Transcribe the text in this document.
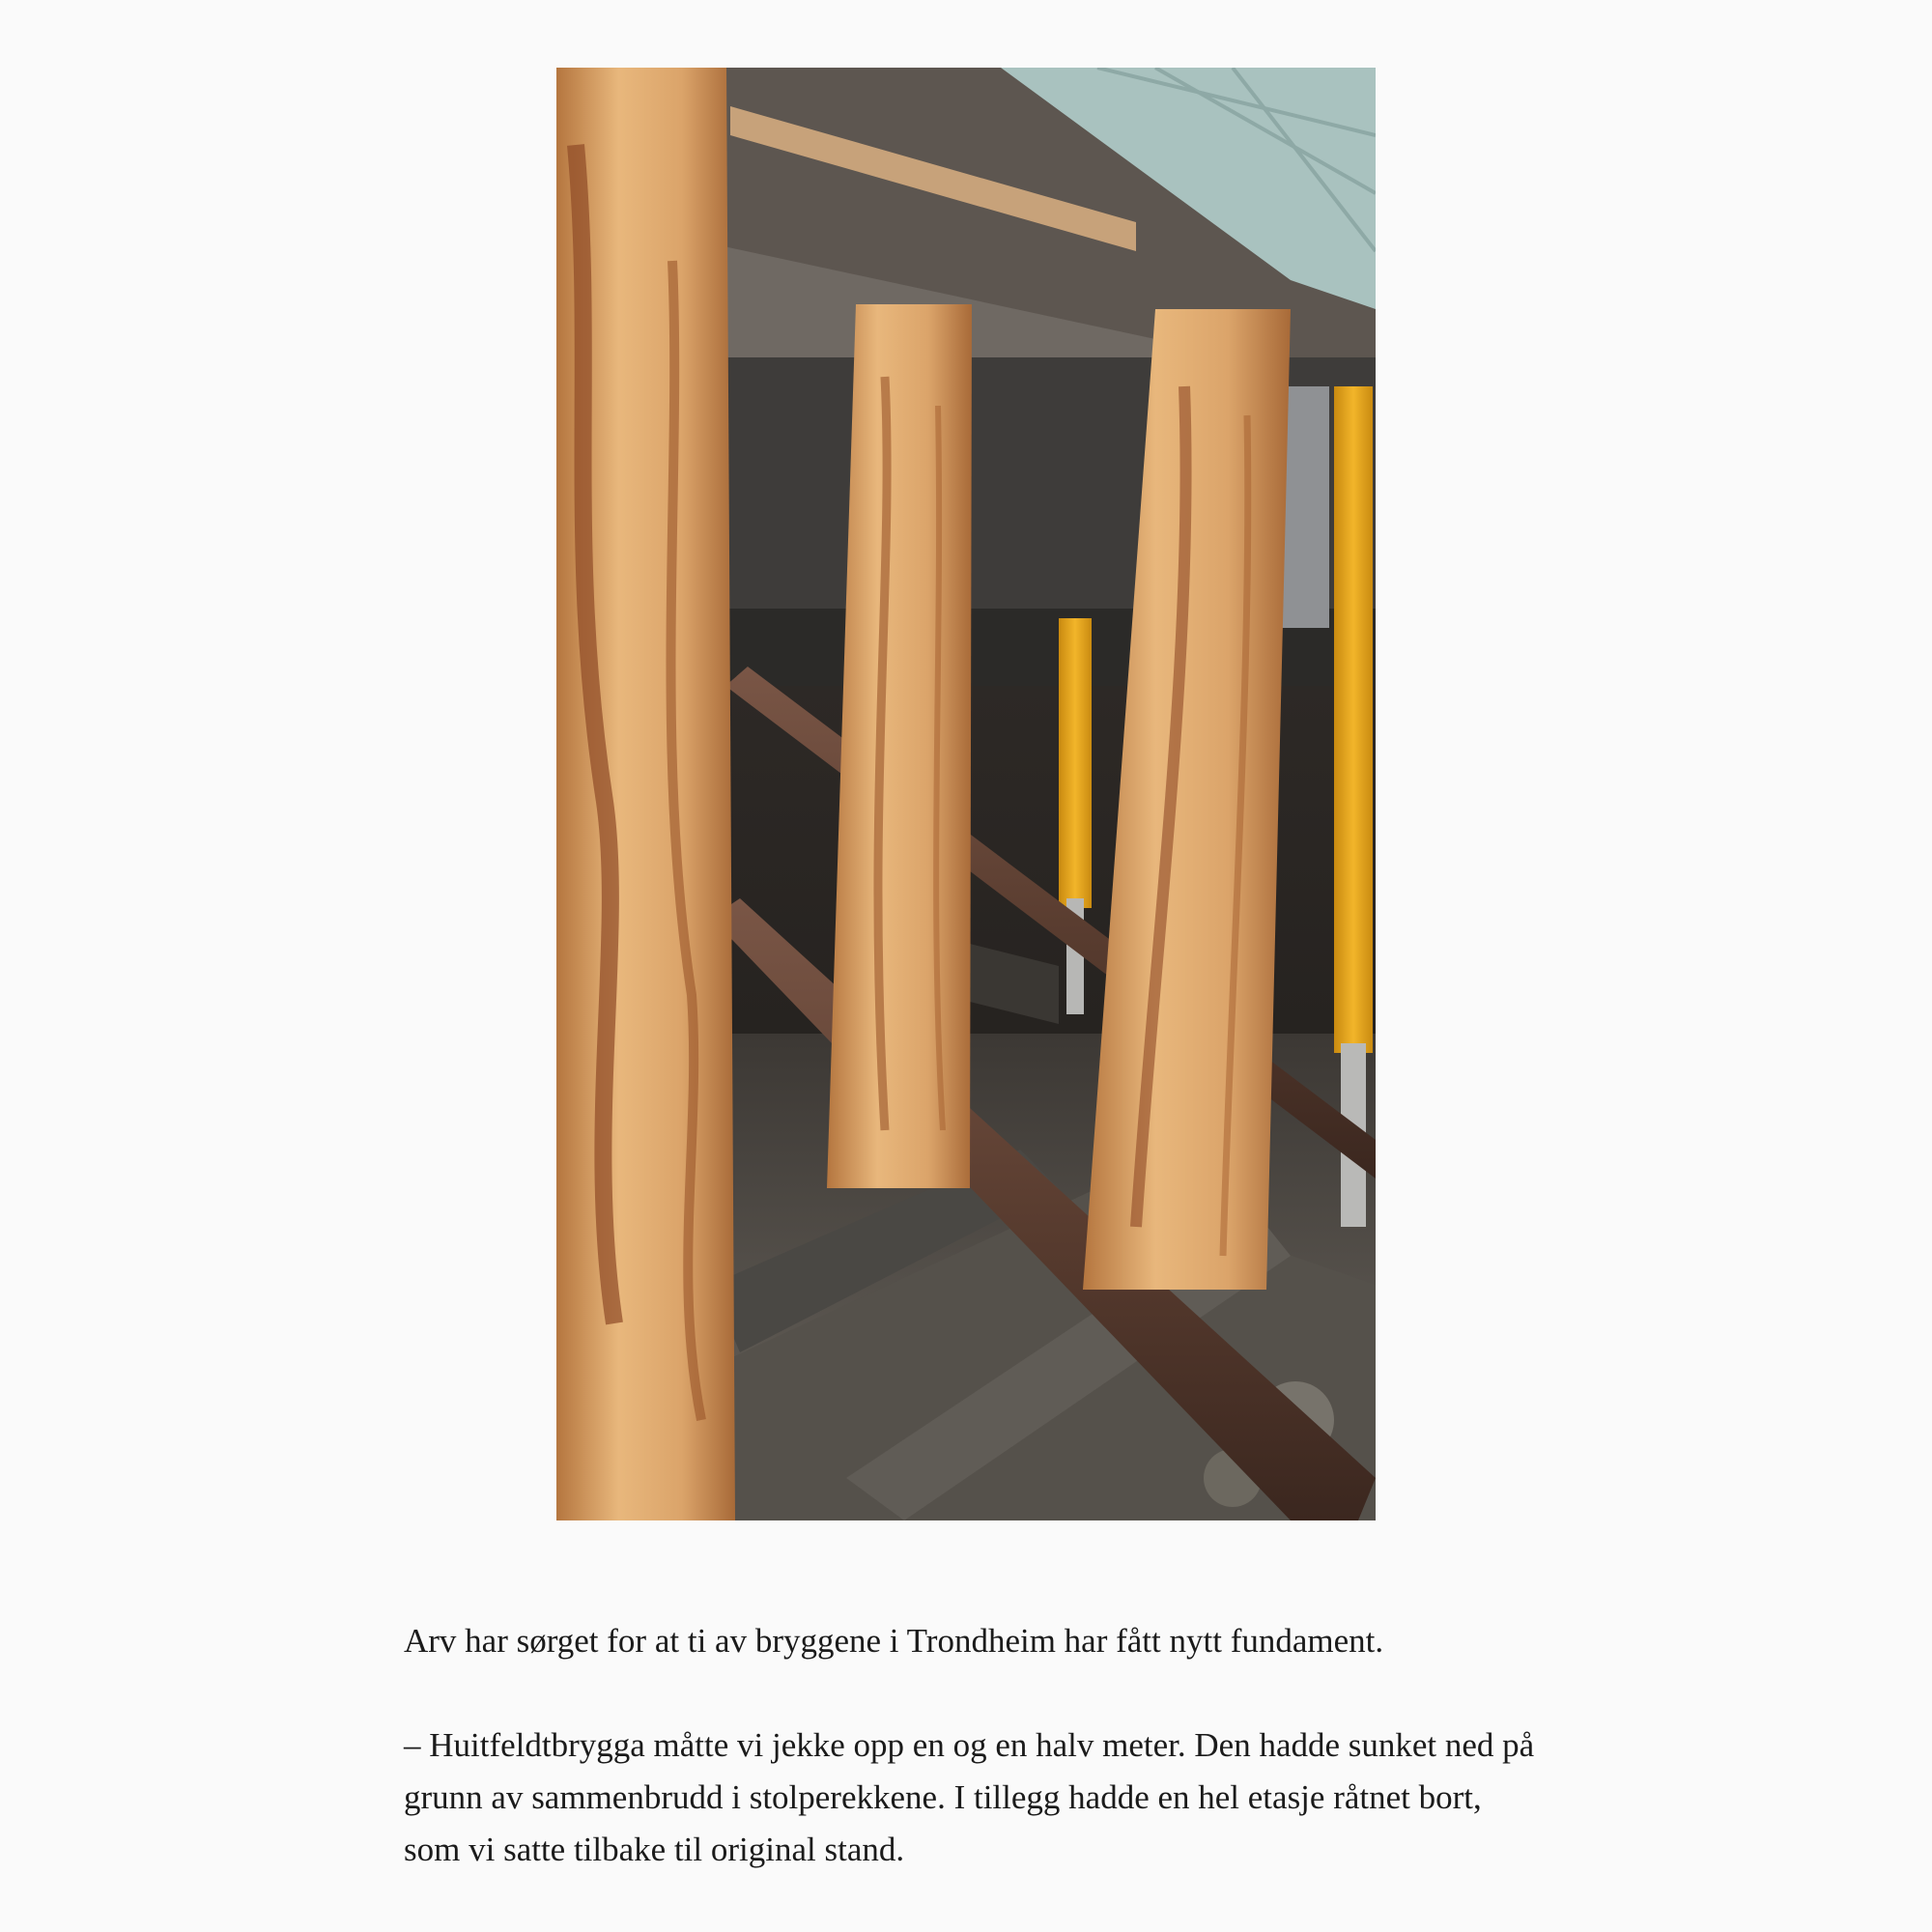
Arv har sørget for at ti av bryggene i Trondheim har fått nytt fundament.

– Huitfeldtbrygga måtte vi jekke opp en og en halv meter. Den hadde sunket ned på grunn av sammenbrudd i stolperekkene. I tillegg hadde en hel etasje råtnet bort, som vi satte tilbake til original stand.
